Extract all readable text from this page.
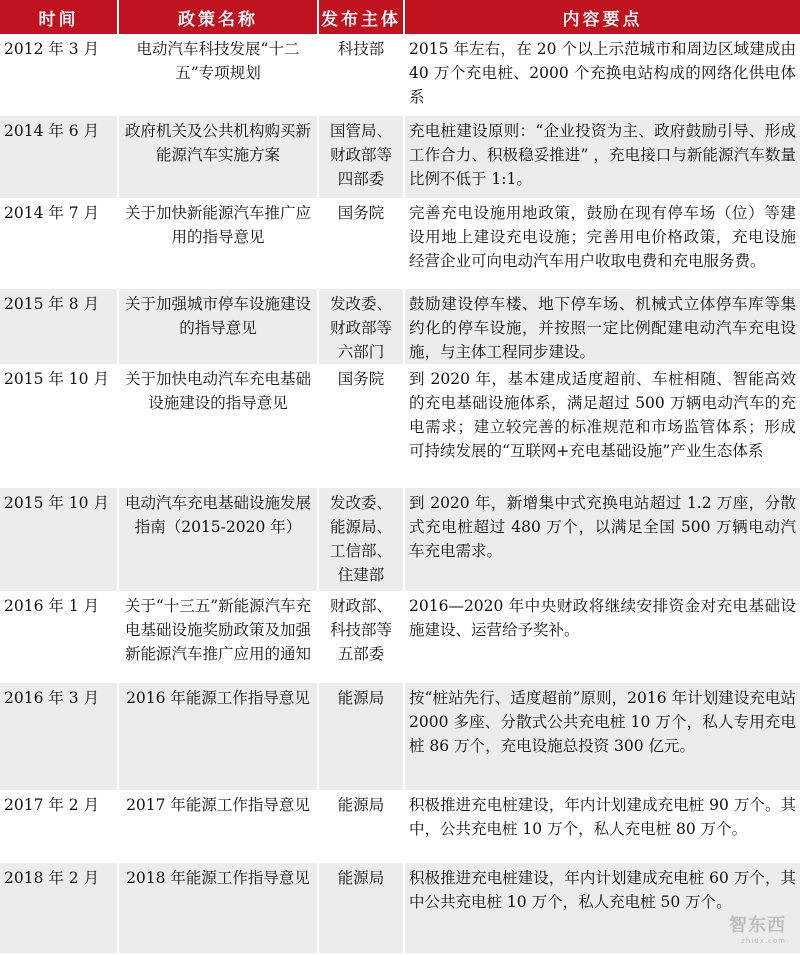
时间	政策名称	发布主体	内容要点
2012 年 3 月	电动汽车科技发展“十二五”专项规划	科技部	2015 年左右，在 20 个以上示范城市和周边区域建成由 40 万个充电桩、2000 个充换电站构成的网络化供电体系
2014 年 6 月	政府机关及公共机构购买新能源汽车实施方案	国管局、财政部等四部委	充电桩建设原则：“企业投资为主、政府鼓励引导、形成工作合力、积极稳妥推进” ，充电接口与新能源汽车数量比例不低于 1:1。
2014 年 7 月	关于加快新能源汽车推广应用的指导意见	国务院	完善充电设施用地政策，鼓励在现有停车场（位）等建设用地上建设充电设施；完善用电价格政策，充电设施经营企业可向电动汽车用户收取电费和充电服务费。
2015 年 8 月	关于加强城市停车设施建设的指导意见	发改委、财政部等六部门	鼓励建设停车楼、地下停车场、机械式立体停车库等集约化的停车设施，并按照一定比例配建电动汽车充电设施，与主体工程同步建设。
2015 年 10 月	关于加快电动汽车充电基础设施建设的指导意见	国务院	到 2020 年，基本建成适度超前、车桩相随、智能高效的充电基础设施体系，满足超过 500 万辆电动汽车的充电需求；建立较完善的标准规范和市场监管体系；形成可持续发展的“互联网+充电基础设施”产业生态体系
2015 年 10 月	电动汽车充电基础设施发展指南（2015-2020 年）	发改委、能源局、工信部、住建部	到 2020 年，新增集中式充换电站超过 1.2 万座，分散式充电桩超过 480 万个，以满足全国 500 万辆电动汽车充电需求。
2016 年 1 月	关于“十三五”新能源汽车充电基础设施奖励政策及加强新能源汽车推广应用的通知	财政部、科技部等五部委	2016—2020 年中央财政将继续安排资金对充电基础设施建设、运营给予奖补。
2016 年 3 月	2016 年能源工作指导意见	能源局	按“桩站先行、适度超前”原则，2016 年计划建设充电站 2000 多座、分散式公共充电桩 10 万个，私人专用充电桩 86 万个，充电设施总投资 300 亿元。
2017 年 2 月	2017 年能源工作指导意见	能源局	积极推进充电桩建设，年内计划建成充电桩 90 万个。其中，公共充电桩 10 万个，私人充电桩 80 万个。
2018 年 2 月	2018 年能源工作指导意见	能源局	积极推进充电桩建设，年内计划建成充电桩 60 万个，其中公共充电桩 10 万个，私人充电桩 50 万个。
智东西
zhidx.com
